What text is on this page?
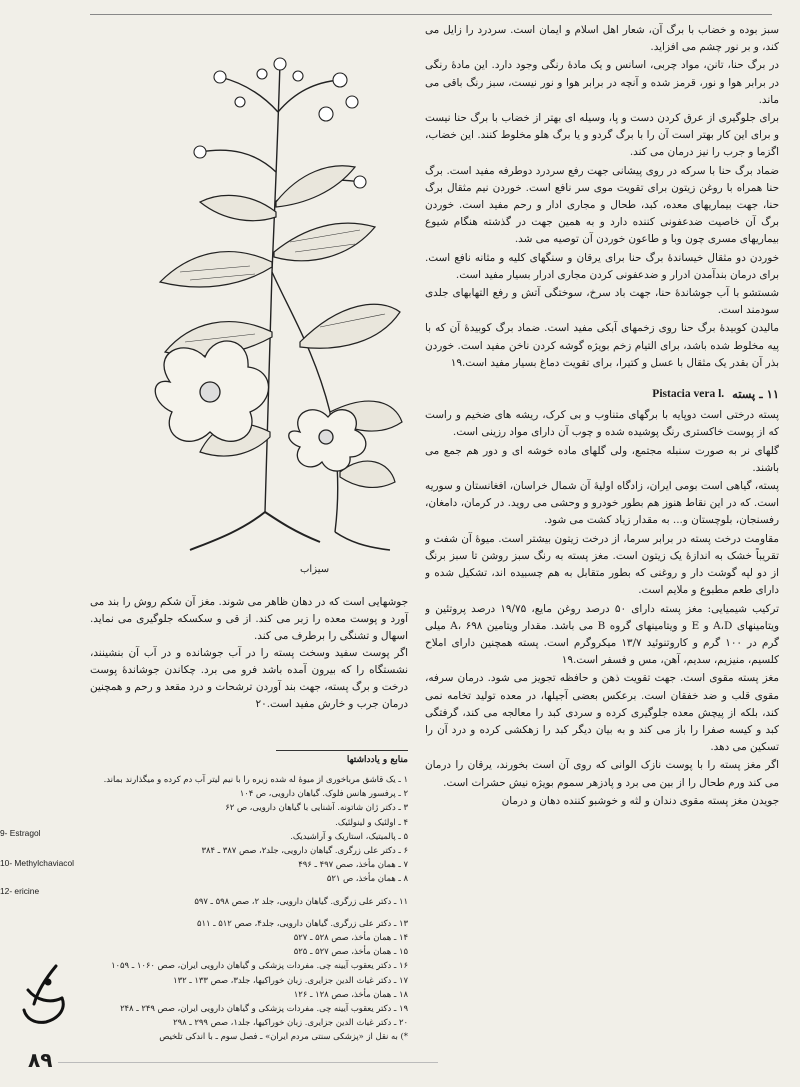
سبز بوده و خضاب با برگ آن، شعار اهل اسلام و ایمان است. سردرد را زایل می کند، و بر نور چشم می افزاید.

در برگ حنا، تانن، مواد چربی، اسانس و یک مادهٔ رنگی وجود دارد. این مادهٔ رنگی در برابر هوا و نور، قرمز شده و آنچه در برابر هوا و نور نیست، سبز رنگ باقی می ماند.

برای جلوگیری از عرق کردن دست و پا، وسیله ای بهتر از خضاب با برگ حنا نیست و برای این کار بهتر است آن را با برگ گردو و یا برگ هلو مخلوط کنند. این خضاب، اگزما و جرب را نیز درمان می کند.

ضماد برگ حنا با سرکه در روی پیشانی جهت رفع سردرد دوطرفه مفید است. برگ حنا همراه با روغن زیتون برای تقویت موی سر نافع است. خوردن نیم مثقال برگ حنا، جهت بیماریهای معده، کبد، طحال و مجاری ادار و رحم مفید است. خوردن برگ آن خاصیت ضدعفونی کننده دارد و به همین جهت در گذشته هنگام شیوع بیماریهای مسری چون وبا و طاعون خوردن آن توصیه می شد.

خوردن دو مثقال خیساندهٔ برگ حنا برای یرقان و سنگهای کلیه و مثانه نافع است. برای درمان بندآمدن ادرار و ضدعفونی کردن مجاری ادرار بسیار مفید است.

شستشو با آب جوشاندهٔ حنا، جهت باد سرخ، سوختگی آتش و رفع التهابهای جلدی سودمند است.

مالیدن کوبیدهٔ برگ حنا روی زخمهای آبکی مفید است. ضماد برگ کوبیدهٔ آن که با پیه مخلوط شده باشد، برای التیام زخم بویژه گوشه کردن ناخن مفید است. خوردن بذر آن بقدر یک مثقال با عسل و کتیرا، برای تقویت دماغ بسیار مفید است.۱۹

۱۱ ـ پسته
Pistacia vera l.

پسته درختی است دوپایه با برگهای متناوب و بی کرک، ریشه های ضخیم و راست که از پوست خاکستری رنگ پوشیده شده و چوب آن دارای مواد رزینی است.

گلهای نر به صورت سنبله مجتمع، ولی گلهای ماده خوشه ای و دور هم جمع می باشند.

پسته، گیاهی است بومی ایران، زادگاه اولیهٔ آن شمال خراسان، افغانستان و سوریه است. که در این نقاط هنوز هم بطور خودرو و وحشی می روید. در کرمان، دامغان، رفسنجان، بلوچستان و... به مقدار زیاد کشت می شود.

مقاومت درخت پسته در برابر سرما، از درخت زیتون بیشتر است. میوهٔ آن شفت و تقریباً خشک به اندازهٔ یک زیتون است. مغز پسته به رنگ سبز روشن تا سبز برنگ از دو لپه گوشت دار و روغنی که بطور متقابل به هم چسبیده اند، تشکیل شده و دارای طعم مطبوع و ملایم است.

ترکیب شیمیایی: مغز پسته دارای ۵۰ درصد روغن مایع، ۱۹/۷۵ درصد پروتئین و ویتامینهای A،D و E و ویتامینهای گروه B می باشد. مقدار ویتامین A، ۶۹۸ میلی گرم در ۱۰۰ گرم و کاروتنوئید ۱۳/۷ میکروگرم است. پسته همچنین دارای املاح کلسیم، منیزیم، سدیم، آهن، مس و فسفر است.۱۹

مغز پسته مقوی است. جهت تقویت ذهن و حافظه تجویز می شود. درمان سرفه، مقوی قلب و ضد خفقان است. برعکس بعضی آجیلها، در معده تولید تخامه نمی کند، بلکه از پیچش معده جلوگیری کرده و سردی کبد را معالجه می کند، گرفتگی کبد و کیسه صفرا را باز می کند و به بیان دیگر کبد را زهکشی کرده و درد آن را تسکین می دهد.

اگر مغز پسته را با پوست نازک الوانی که روی آن است بخورند، یرقان را درمان می کند ورم طحال را از بین می برد و پادزهر سموم بویژه نیش حشرات است.

جویدن مغز پسته مقوی دندان و لثه و خوشبو کننده دهان و درمان

سیزاب

جوشهایی است که در دهان ظاهر می شوند. مغز آن شکم روش را بند می آورد و پوست معده را زبر می کند. از قی و سکسکه جلوگیری می نماید. اسهال و تشنگی را برطرف می کند.

اگر پوست سفید وسخت پسته را در آب جوشانده و در آب آن بنشینند، نشستگاه را که بیرون آمده باشد فرو می برد. چکاندن جوشاندهٔ پوست درخت و برگ پسته، جهت بند آوردن ترشحات و درد مقعد و رحم و همچنین درمان جرب و خارش مفید است.۲۰

منابع و یادداشتها
۱ ـ یک قاشق مرباخوری از میوهٔ له شده زیره را با نیم لیتر آب دم کرده و میگذارند بماند.
۲ ـ پرفسور هانس فلوک. گیاهان دارویی، ص ۱۰۴
۳ ـ دکتر ژان شاتونه. آشنایی با گیاهان دارویی، ص ۶۲
۴ ـ اولئیک و لینولئیک.
۵ ـ پالمیتیک، استاریک و آراشیدیک.
۶ ـ دکتر علی زرگری. گیاهان دارویی، جلد۲، صص ۳۸۷ ـ ۳۸۴
۷ ـ همان مأخذ، صص ۴۹۷ ـ ۴۹۶
۸ ـ همان مأخذ، ص ۵۲۱
۱۱ ـ دکتر علی زرگری. گیاهان دارویی، جلد ۲، صص ۵۹۸ ـ ۵۹۷
۱۳ ـ دکتر علی زرگری. گیاهان دارویی، جلد۴، صص ۵۱۲ ـ ۵۱۱
۱۴ ـ همان مأخذ، صص ۵۲۸ ـ ۵۲۷
۱۵ ـ همان مأخذ، صص ۵۲۷ ـ ۵۲۵
۱۶ ـ دکتر یعقوب آیینه چی. مفردات پزشکی و گیاهان دارویی ایران، صص ۱۰۶۰ ـ ۱۰۵۹
۱۷ ـ دکتر غیاث الدین جزایری. زبان خوراکیها، جلد۳، صص ۱۳۳ ـ ۱۳۲
۱۸ ـ همان مأخذ، صص ۱۲۸ ـ ۱۲۶
۱۹ ـ دکتر یعقوب آیینه چی. مفردات پزشکی و گیاهان دارویی ایران، صص ۲۴۹ ـ ۲۴۸
۲۰ ـ دکتر غیاث الدین جزایری. زبان خوراکیها، جلد۱، صص ۲۹۹ ـ ۲۹۸
*) به نقل از «پزشکی سنتی مردم ایران» ـ فصل سوم ـ با اندکی تلخیص
9- Estragol
10- Methylchaviacol
12- ericine
۸۹
